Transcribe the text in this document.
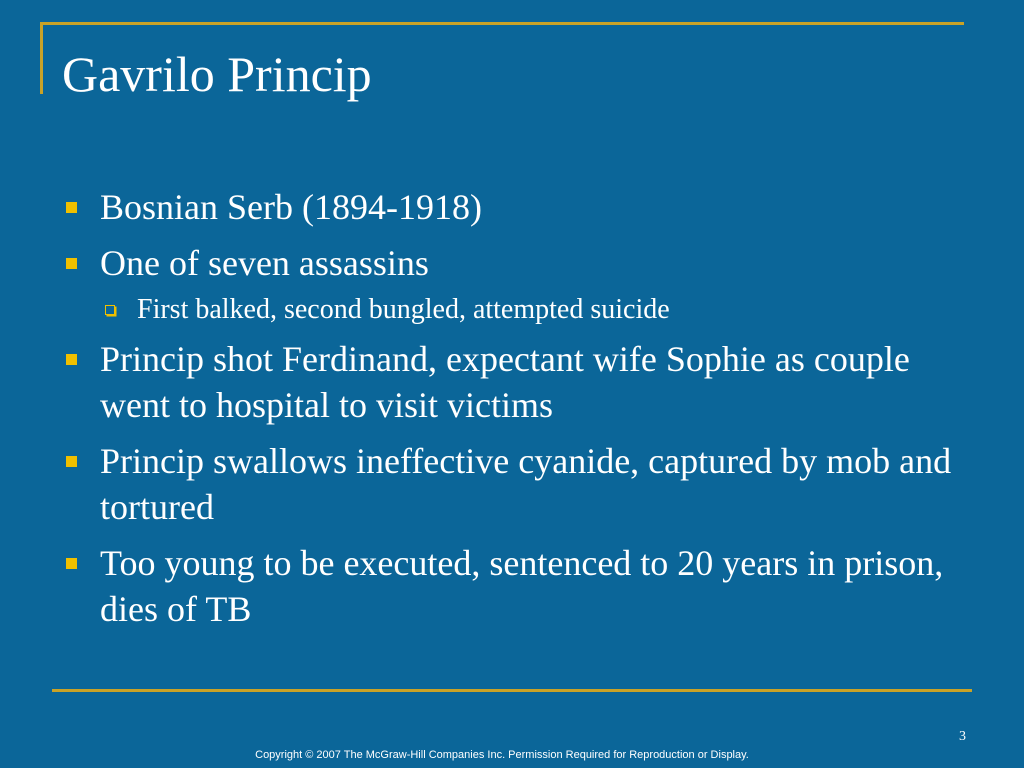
Gavrilo Princip
Bosnian Serb (1894-1918)
One of seven assassins
First balked, second bungled, attempted suicide
Princip shot Ferdinand, expectant wife Sophie as couple went to hospital to visit victims
Princip swallows ineffective cyanide, captured by mob and tortured
Too young to be executed, sentenced to 20 years in prison, dies of TB
3
Copyright © 2007 The McGraw-Hill Companies Inc. Permission Required for Reproduction or Display.
